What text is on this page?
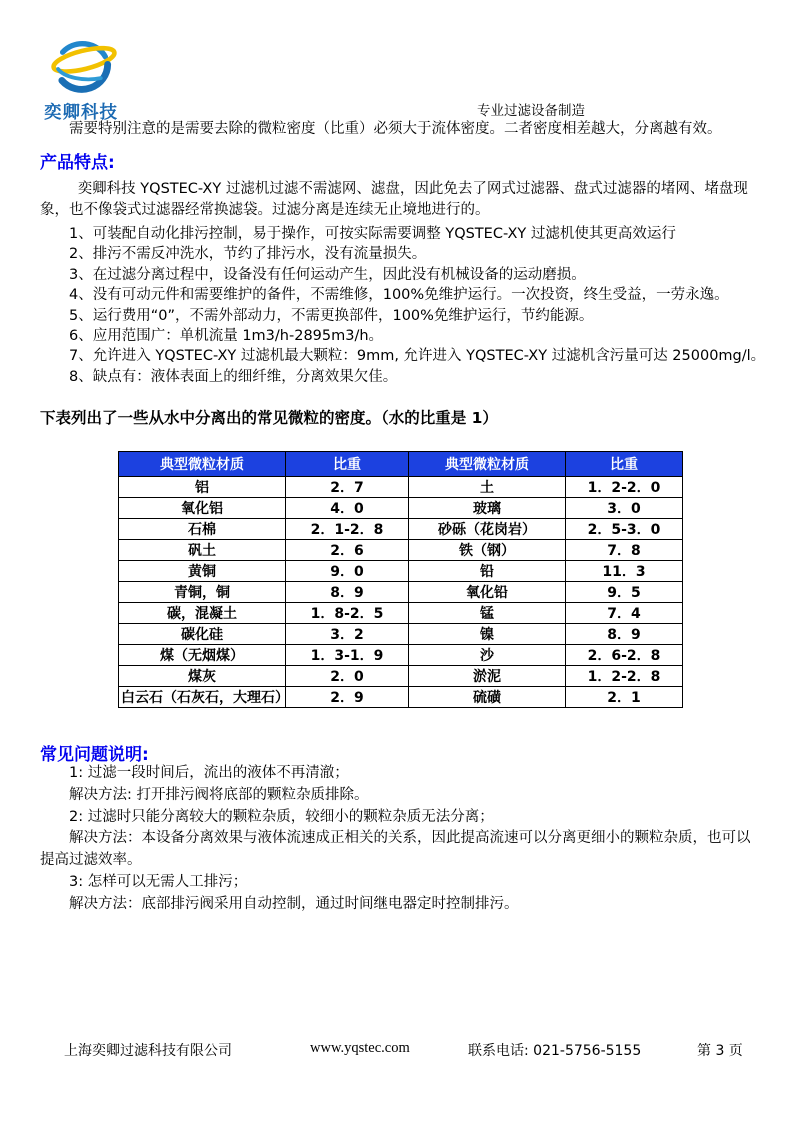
奕卿科技	专业过滤设备制造

需要特别注意的是需要去除的微粒密度（比重）必须大于流体密度。二者密度相差越大，分离越有效。

产品特点:

奕卿科技 YQSTEC-XY 过滤机过滤不需滤网、滤盘，因此免去了网式过滤器、盘式过滤器的堵网、堵盘现象，也不像袋式过滤器经常换滤袋。过滤分离是连续无止境地进行的。

1、可装配自动化排污控制，易于操作，可按实际需要调整 YQSTEC-XY 过滤机使其更高效运行

2、排污不需反冲洗水，节约了排污水，没有流量损失。

3、在过滤分离过程中，设备没有任何运动产生，因此没有机械设备的运动磨损。

4、没有可动元件和需要维护的备件，不需维修，100%免维护运行。一次投资，终生受益，一劳永逸。

5、运行费用“0”，不需外部动力，不需更换部件，100%免维护运行，节约能源。

6、应用范围广：单机流量 1m3/h-2895m3/h。

7、允许进入 YQSTEC-XY 过滤机最大颗粒：9mm, 允许进入 YQSTEC-XY 过滤机含污量可达 25000mg/l。

8、缺点有：液体表面上的细纤维，分离效果欠佳。

下表列出了一些从水中分离出的常见微粒的密度。（水的比重是 1）
典型微粒材质	比重	典型微粒材质	比重
铝	2．7	土	1．2-2．0
氧化铝	4．0	玻璃	3．0
石棉	2．1-2．8	砂砾（花岗岩）	2．5-3．0
矾土	2．6	铁（钢）	7．8
黄铜	9．0	铅	11．3
青铜，铜	8．9	氧化铅	9．5
碳，混凝土	1．8-2．5	锰	7．4
碳化硅	3．2	镍	8．9
煤（无烟煤）	1．3-1．9	沙	2．6-2．8
煤灰	2．0	淤泥	1．2-2．8
白云石（石灰石，大理石）	2．9	硫磺	2．1
常见问题说明:

1: 过滤一段时间后，流出的液体不再清澈；

解决方法: 打开排污阀将底部的颗粒杂质排除。

2: 过滤时只能分离较大的颗粒杂质，较细小的颗粒杂质无法分离；

解决方法：本设备分离效果与液体流速成正相关的关系，因此提高流速可以分离更细小的颗粒杂质，也可以提高过滤效率。

3: 怎样可以无需人工排污；

解决方法：底部排污阀采用自动控制，通过时间继电器定时控制排污。

上海奕卿过滤科技有限公司	www.yqstec.com	联系电话: 021-5756-5155	第 3 页
